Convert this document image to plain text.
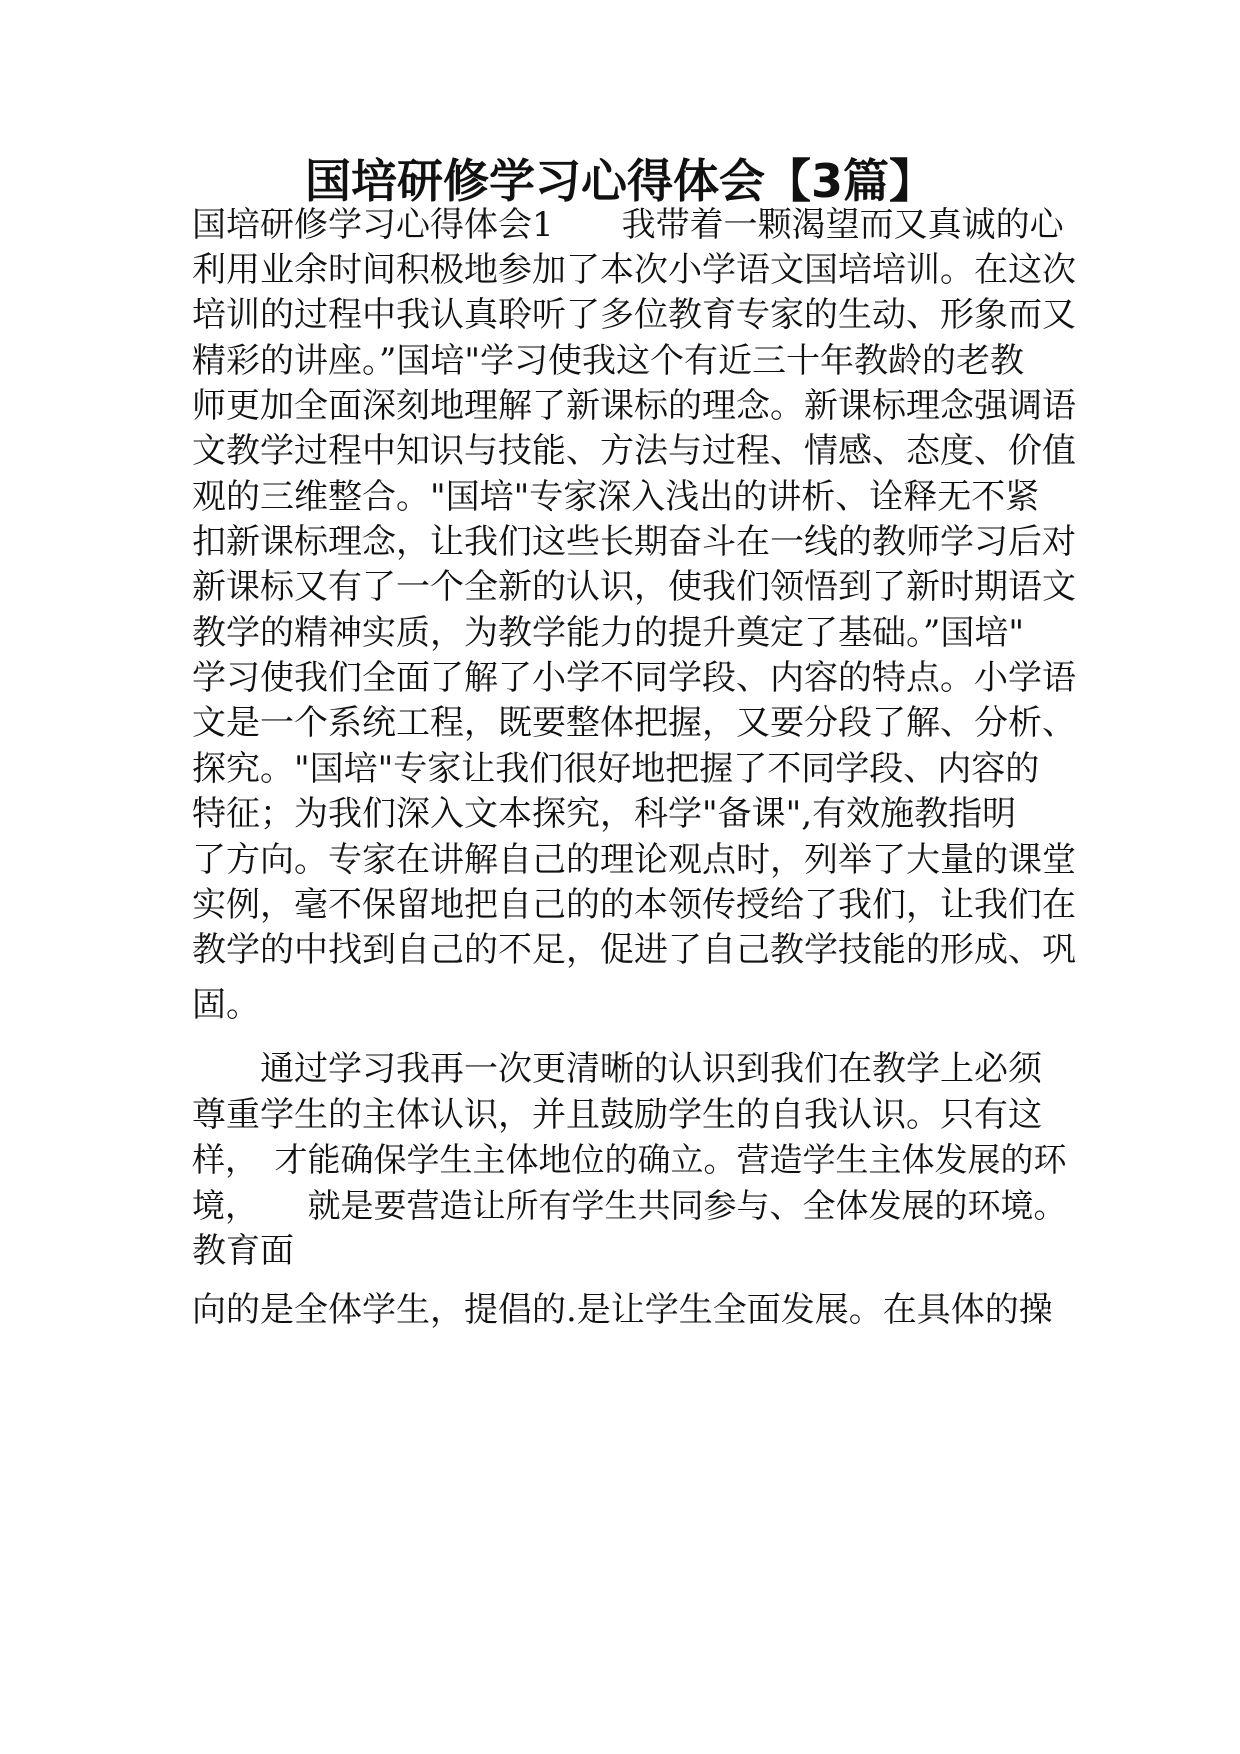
国培研修学习心得体会【3篇】
国培研修学习心得体会1　　我带着一颗渴望而又真诚的心
利用业余时间积极地参加了本次小学语文国培培训。在这次
培训的过程中我认真聆听了多位教育专家的生动、形象而又
精彩的讲座。”国培"学习使我这个有近三十年教龄的老教
师更加全面深刻地理解了新课标的理念。新课标理念强调语
文教学过程中知识与技能、方法与过程、情感、态度、价值
观的三维整合。"国培"专家深入浅出的讲析、诠释无不紧
扣新课标理念，让我们这些长期奋斗在一线的教师学习后对
新课标又有了一个全新的认识，使我们领悟到了新时期语文
教学的精神实质，为教学能力的提升奠定了基础。”国培"
学习使我们全面了解了小学不同学段、内容的特点。小学语
文是一个系统工程，既要整体把握，又要分段了解、分析、
探究。"国培"专家让我们很好地把握了不同学段、内容的
特征；为我们深入文本探究，科学"备课",有效施教指明
了方向。专家在讲解自己的理论观点时，列举了大量的课堂
实例，毫不保留地把自己的的本领传授给了我们，让我们在
教学的中找到自己的不足，促进了自己教学技能的形成、巩
固。
　　通过学习我再一次更清晰的认识到我们在教学上必须
尊重学生的主体认识，并且鼓励学生的自我认识。只有这
样，　才能确保学生主体地位的确立。营造学生主体发展的环
境，　　就是要营造让所有学生共同参与、全体发展的环境。
教育面
向的是全体学生，提倡的.是让学生全面发展。在具体的操
